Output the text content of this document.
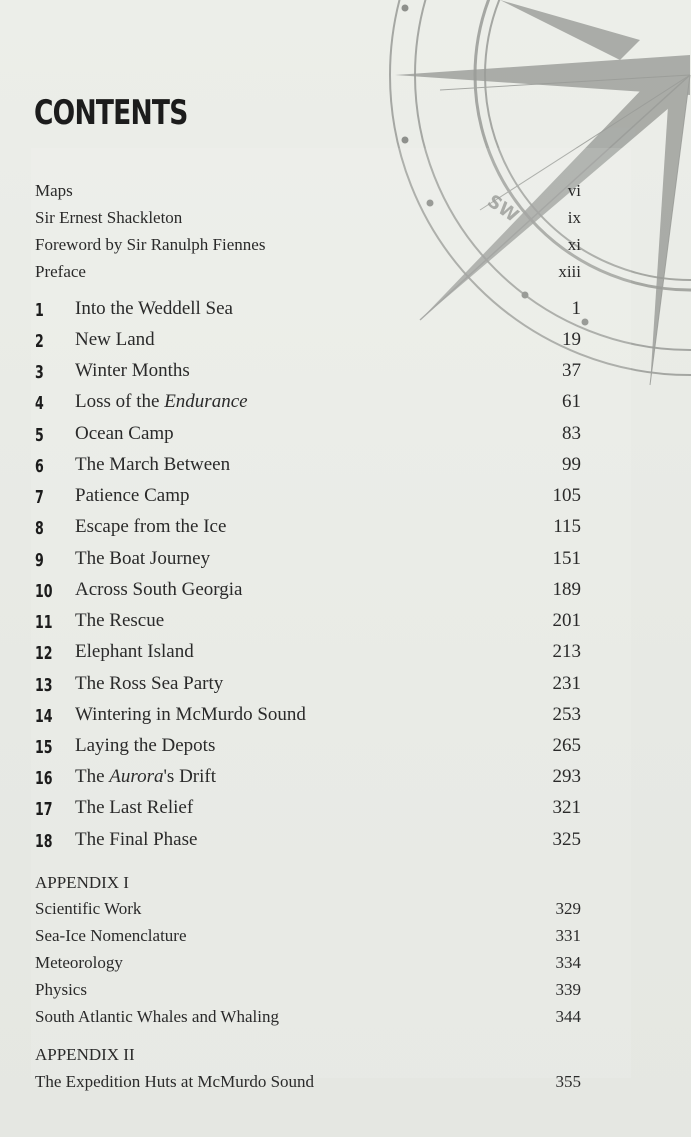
SW
CONTENTS
Maps	vi
Sir Ernest Shackleton	ix
Foreword by Sir Ranulph Fiennes	xi
Preface	xiii
1 Into the Weddell Sea	1
2 New Land	19
3 Winter Months	37
4 Loss of the Endurance	61
5 Ocean Camp	83
6 The March Between	99
7 Patience Camp	105
8 Escape from the Ice	115
9 The Boat Journey	151
10 Across South Georgia	189
11 The Rescue	201
12 Elephant Island	213
13 The Ross Sea Party	231
14 Wintering in McMurdo Sound	253
15 Laying the Depots	265
16 The Aurora's Drift	293
17 The Last Relief	321
18 The Final Phase	325
APPENDIX I
Scientific Work	329
Sea-Ice Nomenclature	331
Meteorology	334
Physics	339
South Atlantic Whales and Whaling	344
APPENDIX II
The Expedition Huts at McMurdo Sound	355
